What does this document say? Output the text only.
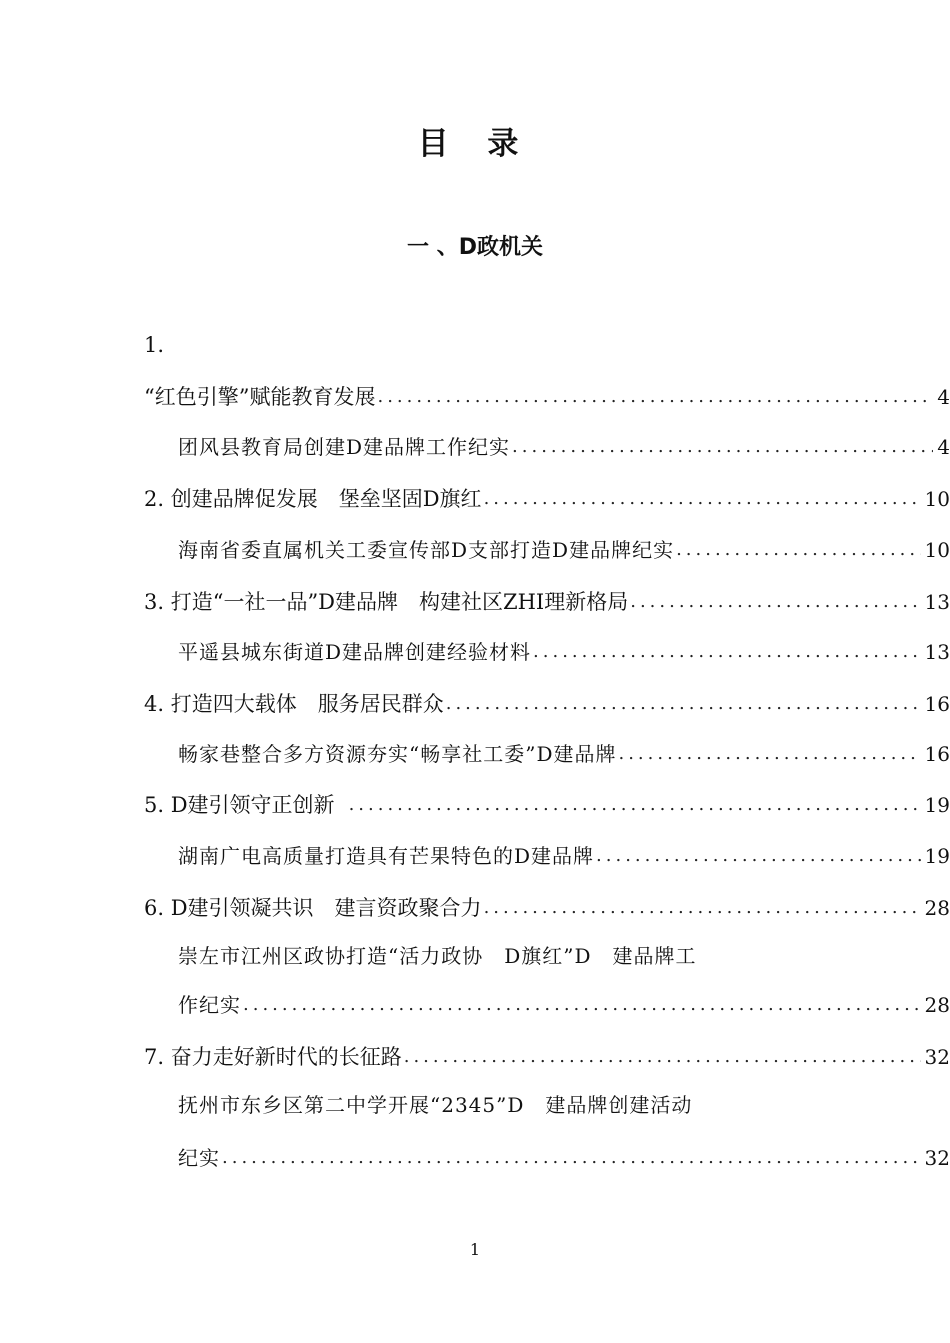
目 录
一 、D政机关
1.
“红色引擎”赋能教育发展 .....	4
团风县教育局创建D建品牌工作纪实 .....	4
2. 创建品牌促发展　堡垒坚固D旗红 .....	10
海南省委直属机关工委宣传部D支部打造D建品牌纪实 .....	10
3. 打造“一社一品”D建品牌　构建社区ZHI理新格局 .....	13
平遥县城东街道D建品牌创建经验材料 .....	13
4. 打造四大载体　服务居民群众 .....	16
畅家巷整合多方资源夯实“畅享社工委”D建品牌 .....	16
5. D建引领守正创新 .....	19
湖南广电高质量打造具有芒果特色的D建品牌 .....	19
6. D建引领凝共识　建言资政聚合力 .....	28
崇左市江州区政协打造“活力政协　D旗红”D　建品牌工
作纪实 .....	28
7. 奋力走好新时代的长征路 .....	32
抚州市东乡区第二中学开展“2345”D　建品牌创建活动
纪实 .....	32
1
